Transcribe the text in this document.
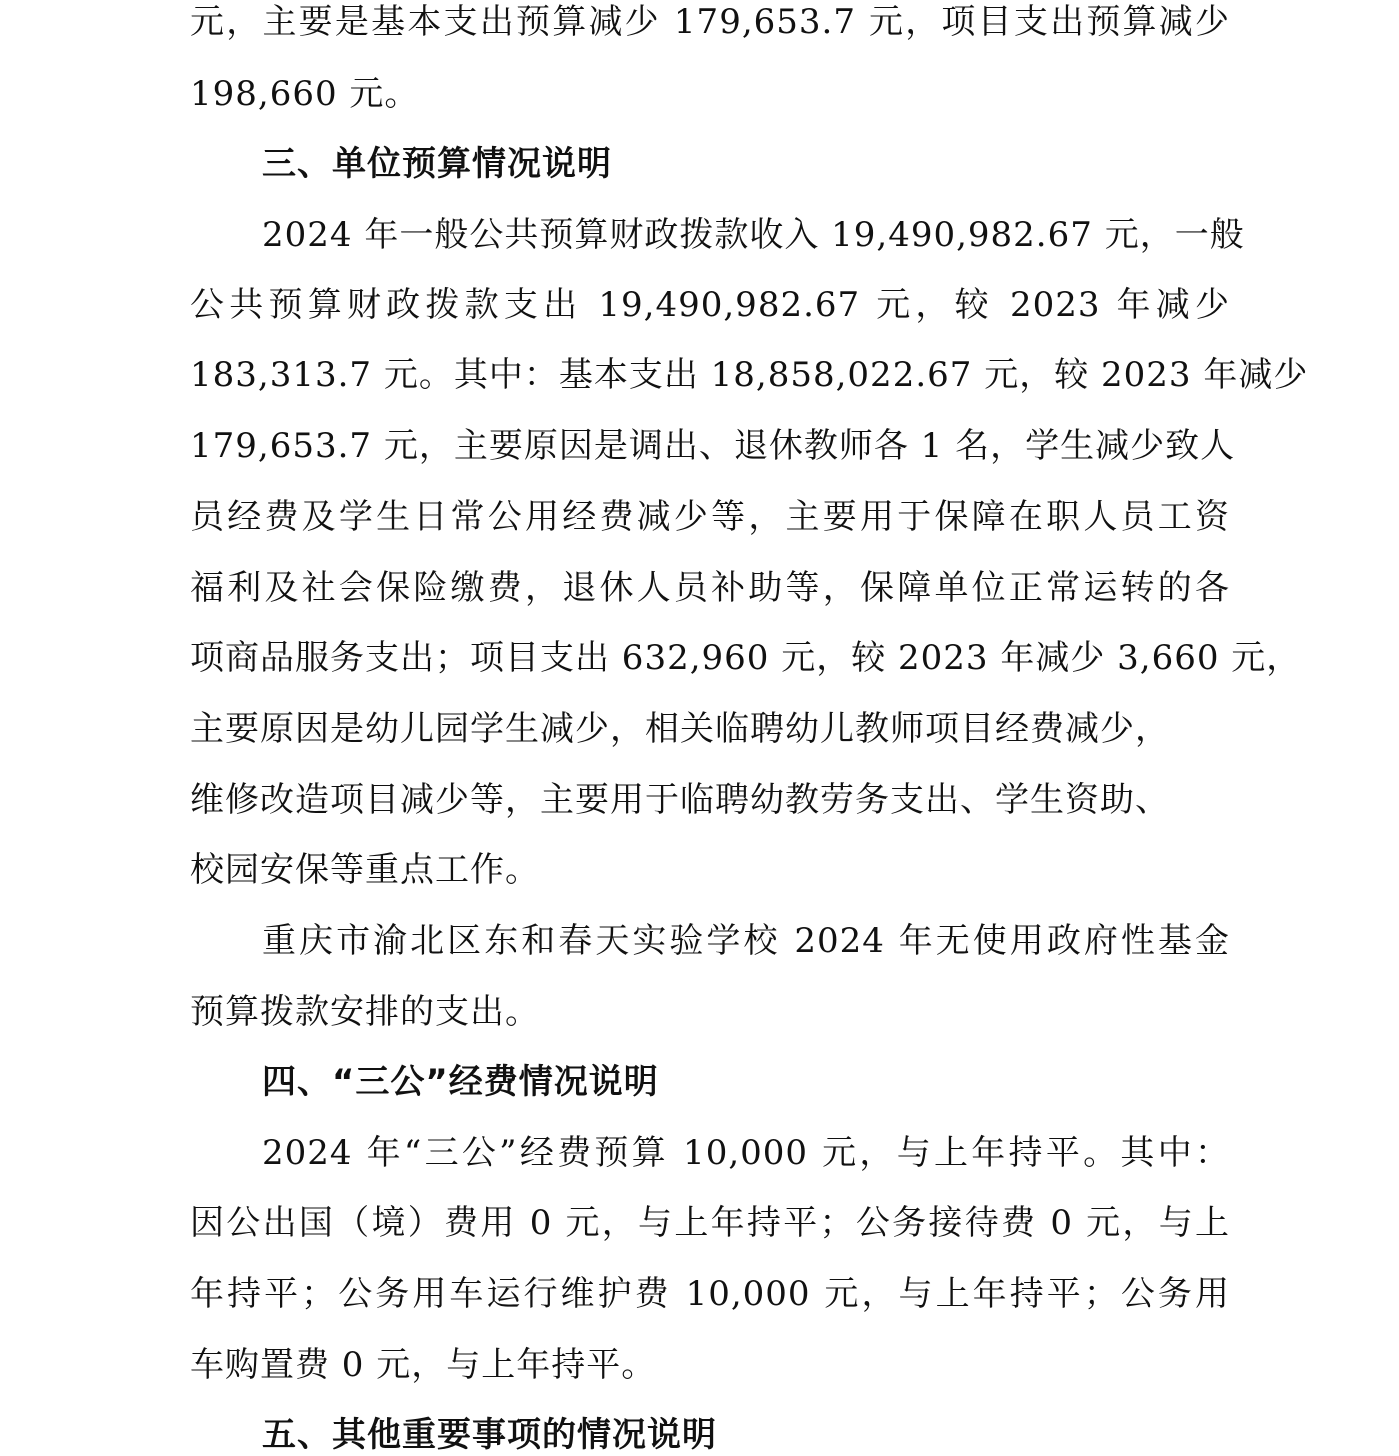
元，主要是基本支出预算减少 179,653.7 元，项目支出预算减少
198,660 元。
三、单位预算情况说明
2024 年一般公共预算财政拨款收入 19,490,982.67 元，一般
公共预算财政拨款支出 19,490,982.67 元，较 2023 年减少
183,313.7 元。其中：基本支出 18,858,022.67 元，较 2023 年减少
179,653.7 元，主要原因是调出、退休教师各 1 名，学生减少致人
员经费及学生日常公用经费减少等，主要用于保障在职人员工资
福利及社会保险缴费，退休人员补助等，保障单位正常运转的各
项商品服务支出；项目支出 632,960 元，较 2023 年减少 3,660 元，
主要原因是幼儿园学生减少，相关临聘幼儿教师项目经费减少，
维修改造项目减少等，主要用于临聘幼教劳务支出、学生资助、
校园安保等重点工作。
重庆市渝北区东和春天实验学校 2024 年无使用政府性基金
预算拨款安排的支出。
四、“三公”经费情况说明
2024 年“三公”经费预算 10,000 元，与上年持平。其中：
因公出国（境）费用 0 元，与上年持平；公务接待费 0 元，与上
年持平；公务用车运行维护费 10,000 元，与上年持平；公务用
车购置费 0 元，与上年持平。
五、其他重要事项的情况说明
